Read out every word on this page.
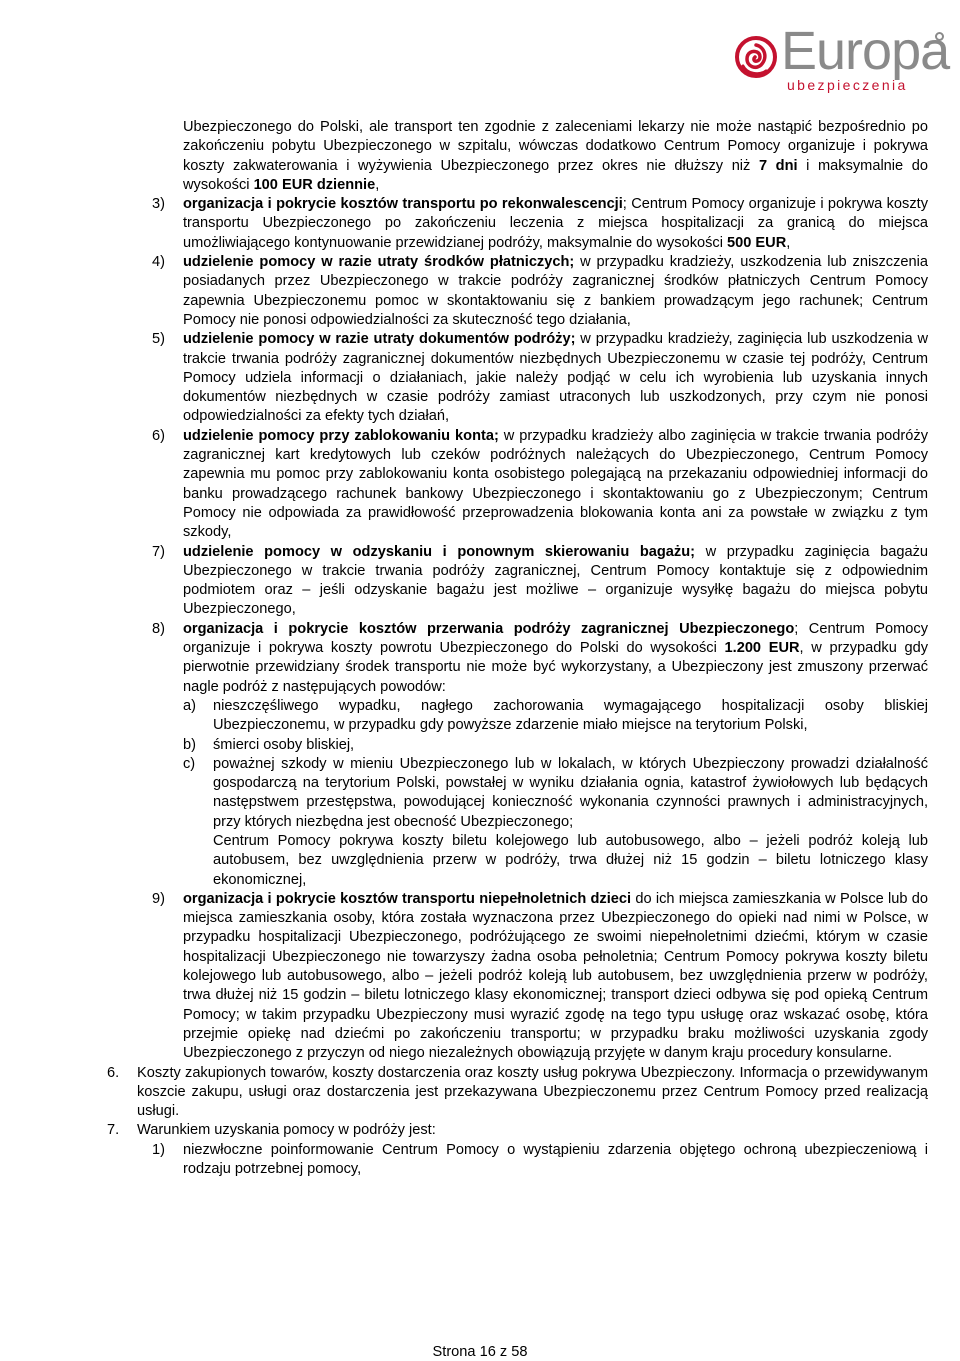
Europa
ubezpieczenia

Ubezpieczonego do Polski, ale transport ten zgodnie z zaleceniami lekarzy nie może nastąpić bezpośrednio po zakończeniu pobytu Ubezpieczonego w szpitalu, wówczas dodatkowo Centrum Pomocy organizuje i pokrywa koszty zakwaterowania i wyżywienia Ubezpieczonego przez okres nie dłuższy niż 7 dni i maksymalnie do wysokości 100 EUR dziennie,

3) organizacja i pokrycie kosztów transportu po rekonwalescencji; Centrum Pomocy organizuje i pokrywa koszty transportu Ubezpieczonego po zakończeniu leczenia z miejsca hospitalizacji za granicą do miejsca umożliwiającego kontynuowanie przewidzianej podróży, maksymalnie do wysokości 500 EUR,

4) udzielenie pomocy w razie utraty środków płatniczych; w przypadku kradzieży, uszkodzenia lub zniszczenia posiadanych przez Ubezpieczonego w trakcie podróży zagranicznej środków płatniczych Centrum Pomocy zapewnia Ubezpieczonemu pomoc w skontaktowaniu się z bankiem prowadzącym jego rachunek; Centrum Pomocy nie ponosi odpowiedzialności za skuteczność tego działania,

5) udzielenie pomocy w razie utraty dokumentów podróży; w przypadku kradzieży, zaginięcia lub uszkodzenia w trakcie trwania podróży zagranicznej dokumentów niezbędnych Ubezpieczonemu w czasie tej podróży, Centrum Pomocy udziela informacji o działaniach, jakie należy podjąć w celu ich wyrobienia lub uzyskania innych dokumentów niezbędnych w czasie podróży zamiast utraconych lub uszkodzonych, przy czym nie ponosi odpowiedzialności za efekty tych działań,

6) udzielenie pomocy przy zablokowaniu konta; w przypadku kradzieży albo zaginięcia w trakcie trwania podróży zagranicznej kart kredytowych lub czeków podróżnych należących do Ubezpieczonego, Centrum Pomocy zapewnia mu pomoc przy zablokowaniu konta osobistego polegającą na przekazaniu odpowiedniej informacji do banku prowadzącego rachunek bankowy Ubezpieczonego i skontaktowaniu go z Ubezpieczonym; Centrum Pomocy nie odpowiada za prawidłowość przeprowadzenia blokowania konta ani za powstałe w związku z tym szkody,

7) udzielenie pomocy w odzyskaniu i ponownym skierowaniu bagażu; w przypadku zaginięcia bagażu Ubezpieczonego w trakcie trwania podróży zagranicznej, Centrum Pomocy kontaktuje się z odpowiednim podmiotem oraz – jeśli odzyskanie bagażu jest możliwe – organizuje wysyłkę bagażu do miejsca pobytu Ubezpieczonego,

8) organizacja i pokrycie kosztów przerwania podróży zagranicznej Ubezpieczonego; Centrum Pomocy organizuje i pokrywa koszty powrotu Ubezpieczonego do Polski do wysokości 1.200 EUR, w przypadku gdy pierwotnie przewidziany środek transportu nie może być wykorzystany, a Ubezpieczony jest zmuszony przerwać nagle podróż z następujących powodów:

a) nieszczęśliwego wypadku, nagłego zachorowania wymagającego hospitalizacji osoby bliskiej Ubezpieczonemu, w przypadku gdy powyższe zdarzenie miało miejsce na terytorium Polski,

b) śmierci osoby bliskiej,

c) poważnej szkody w mieniu Ubezpieczonego lub w lokalach, w których Ubezpieczony prowadzi działalność gospodarczą na terytorium Polski, powstałej w wyniku działania ognia, katastrof żywiołowych lub będących następstwem przestępstwa, powodującej konieczność wykonania czynności prawnych i administracyjnych, przy których niezbędna jest obecność Ubezpieczonego;

Centrum Pomocy pokrywa koszty biletu kolejowego lub autobusowego, albo – jeżeli podróż koleją lub autobusem, bez uwzględnienia przerw w podróży, trwa dłużej niż 15 godzin – biletu lotniczego klasy ekonomicznej,

9) organizacja i pokrycie kosztów transportu niepełnoletnich dzieci do ich miejsca zamieszkania w Polsce lub do miejsca zamieszkania osoby, która została wyznaczona przez Ubezpieczonego do opieki nad nimi w Polsce, w przypadku hospitalizacji Ubezpieczonego, podróżującego ze swoimi niepełnoletnimi dziećmi, którym w czasie hospitalizacji Ubezpieczonego nie towarzyszy żadna osoba pełnoletnia; Centrum Pomocy pokrywa koszty biletu kolejowego lub autobusowego, albo – jeżeli podróż koleją lub autobusem, bez uwzględnienia przerw w podróży, trwa dłużej niż 15 godzin – biletu lotniczego klasy ekonomicznej; transport dzieci odbywa się pod opieką Centrum Pomocy; w takim przypadku Ubezpieczony musi wyrazić zgodę na tego typu usługę oraz wskazać osobę, która przejmie opiekę nad dziećmi po zakończeniu transportu; w przypadku braku możliwości uzyskania zgody Ubezpieczonego z przyczyn od niego niezależnych obowiązują przyjęte w danym kraju procedury konsularne.

6. Koszty zakupionych towarów, koszty dostarczenia oraz koszty usług pokrywa Ubezpieczony. Informacja o przewidywanym koszcie zakupu, usługi oraz dostarczenia jest przekazywana Ubezpieczonemu przez Centrum Pomocy przed realizacją usługi.

7. Warunkiem uzyskania pomocy w podróży jest:

1) niezwłoczne poinformowanie Centrum Pomocy o wystąpieniu zdarzenia objętego ochroną ubezpieczeniową i rodzaju potrzebnej pomocy,

Strona 16 z 58
